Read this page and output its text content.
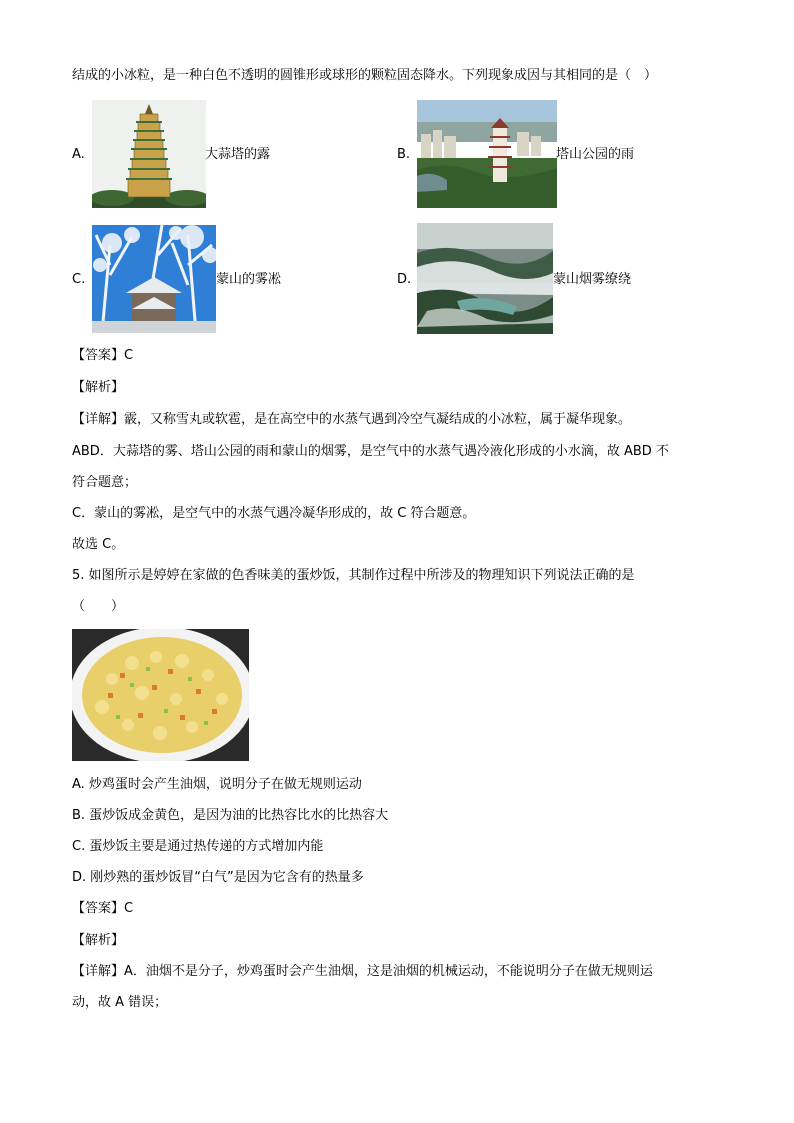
结成的小冰粒，是一种白色不透明的圆锥形或球形的颗粒固态降水。下列现象成因与其相同的是（　）
A.	大蒜塔的露	B.	塔山公园的雨
C.	蒙山的雾凇	D.	蒙山烟雾缭绕
【答案】C
【解析】
【详解】霰，又称雪丸或软雹，是在高空中的水蒸气遇到冷空气凝结成的小冰粒，属于凝华现象。
ABD．大蒜塔的雾、塔山公园的雨和蒙山的烟雾，是空气中的水蒸气遇冷液化形成的小水滴，故 ABD 不
符合题意；
C．蒙山的雾凇，是空气中的水蒸气遇冷凝华形成的，故 C 符合题意。
故选 C。
5. 如图所示是婷婷在家做的色香味美的蛋炒饭，其制作过程中所涉及的物理知识下列说法正确的是
（　　）
A. 炒鸡蛋时会产生油烟，说明分子在做无规则运动
B. 蛋炒饭成金黄色，是因为油的比热容比水的比热容大
C. 蛋炒饭主要是通过热传递的方式增加内能
D. 刚炒熟的蛋炒饭冒“白气”是因为它含有的热量多
【答案】C
【解析】
【详解】A．油烟不是分子，炒鸡蛋时会产生油烟，这是油烟的机械运动，不能说明分子在做无规则运
动，故 A 错误；
